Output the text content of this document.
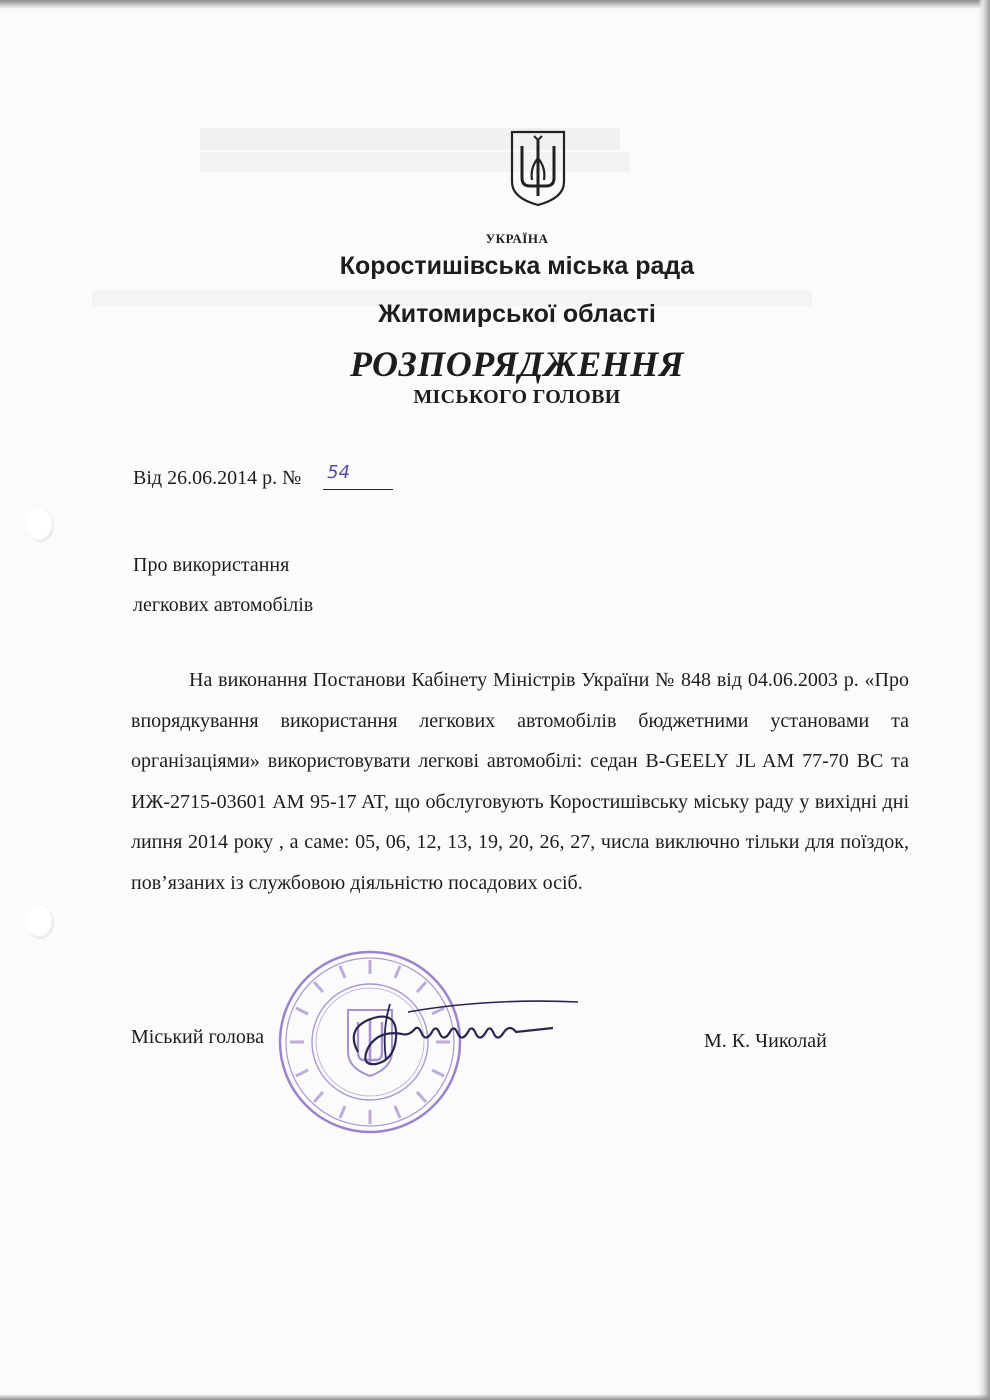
УКРАЇНА
Коростишівська міська рада
Житомирської області
РОЗПОРЯДЖЕННЯ
МІСЬКОГО ГОЛОВИ
Від 26.06.2014 р. № 54
Про використання
легкових автомобілів
На виконання Постанови Кабінету Міністрів України № 848 від 04.06.2003 р. «Про впорядкування використання легкових автомобілів бюджетними установами та організаціями» використовувати легкові автомобілі: седан B-GEELY JL AM 77-70 BC та ИЖ-2715-03601 AM 95-17 AT, що обслуговують Коростишівську міську раду у вихідні дні липня 2014 року , а саме: 05, 06, 12, 13, 19, 20, 26, 27, числа виключно тільки для поїздок, пов’язаних із службовою діяльністю посадових осіб.
Міський голова	М. К. Чиколай
